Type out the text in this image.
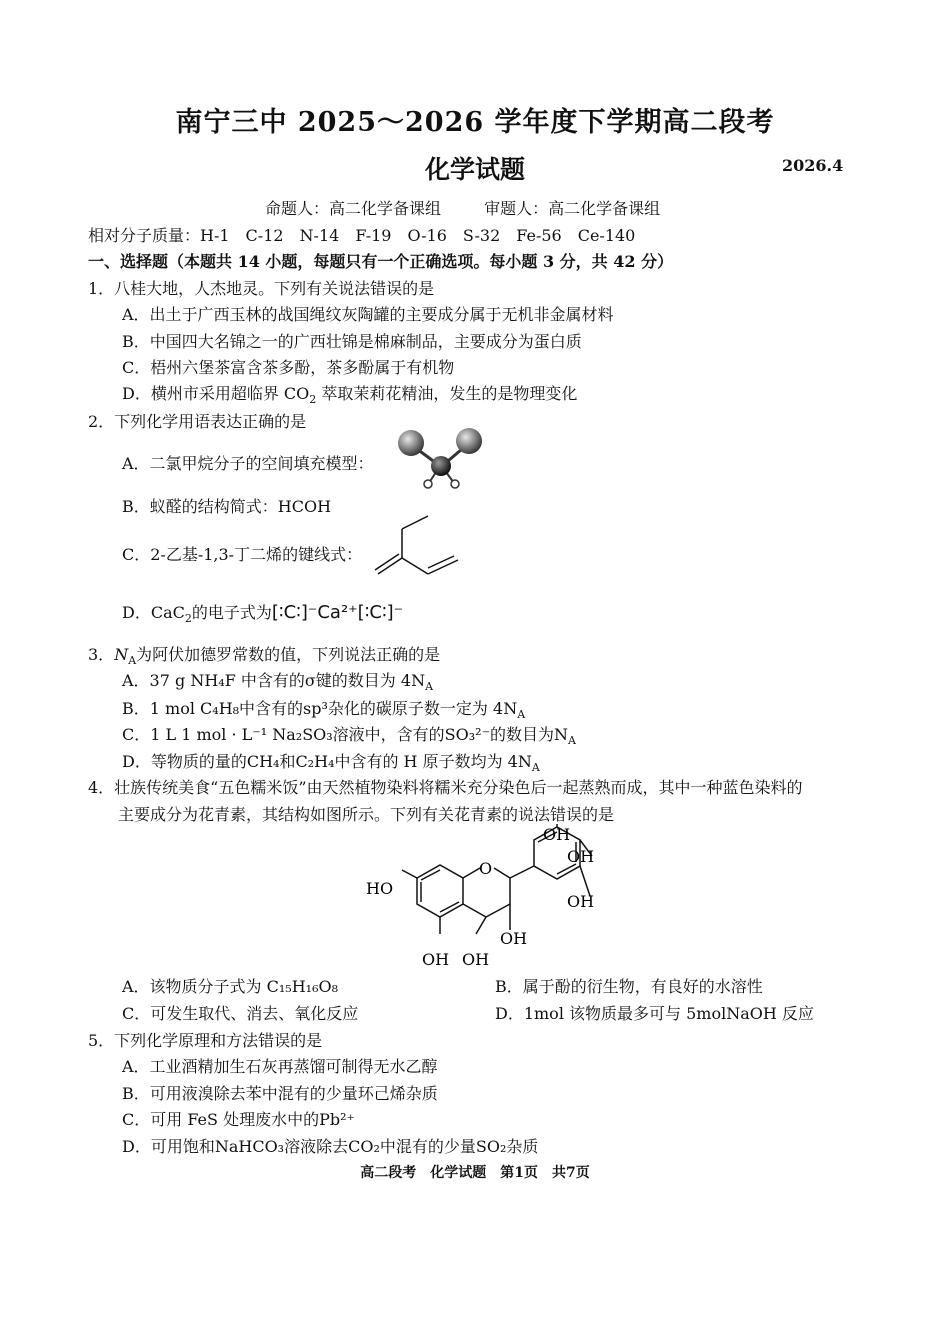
南宁三中 2025～2026 学年度下学期高二段考
化学试题	2026.4
命题人：高二化学备课组	审题人：高二化学备课组
相对分子质量：H-1　C-12　N-14　F-19　O-16　S-32　Fe-56　Ce-140
一、选择题（本题共 14 小题，每题只有一个正确选项。每小题 3 分，共 42 分）
1．八桂大地，人杰地灵。下列有关说法错误的是
A．出土于广西玉林的战国绳纹灰陶罐的主要成分属于无机非金属材料
B．中国四大名锦之一的广西壮锦是棉麻制品，主要成分为蛋白质
C．梧州六堡茶富含茶多酚，茶多酚属于有机物
D．横州市采用超临界 $CO_2$ 萃取茉莉花精油，发生的是物理变化
2．下列化学用语表达正确的是
A．二氯甲烷分子的空间填充模型：
B．蚁醛的结构简式：HCOH
C．2-乙基-1,3-丁二烯的键线式：
D．CaC$_2$的电子式为[∶C∶]⁻Ca²⁺[∶C∶]⁻
3．$N_A$为阿伏加德罗常数的值，下列说法正确的是
A．37 g NH₄F 中含有的σ键的数目为 $4N_A$
B．1 mol C₄H₈中含有的sp³杂化的碳原子数一定为 $4N_A$
C．1 L 1 mol · L⁻¹ Na₂SO₃溶液中，含有的SO₃²⁻的数目为$N_A$
D．等物质的量的CH₄和C₂H₄中含有的 H 原子数均为 $4N_A$
4．壮族传统美食“五色糯米饭”由天然植物染料将糯米充分染色后一起蒸熟而成，其中一种蓝色染料的
主要成分为花青素，其结构如图所示。下列有关花青素的说法错误的是
HO
O
OH
OH
OH
OH
OH OH
A．该物质分子式为 C₁₅H₁₆O₈	B．属于酚的衍生物，有良好的水溶性
C．可发生取代、消去、氧化反应	D．1mol 该物质最多可与 5molNaOH 反应
5．下列化学原理和方法错误的是
A．工业酒精加生石灰再蒸馏可制得无水乙醇
B．可用液溴除去苯中混有的少量环己烯杂质
C．可用 FeS 处理废水中的Pb²⁺
D．可用饱和NaHCO₃溶液除去CO₂中混有的少量SO₂杂质
高二段考　化学试题　第1页　共7页
